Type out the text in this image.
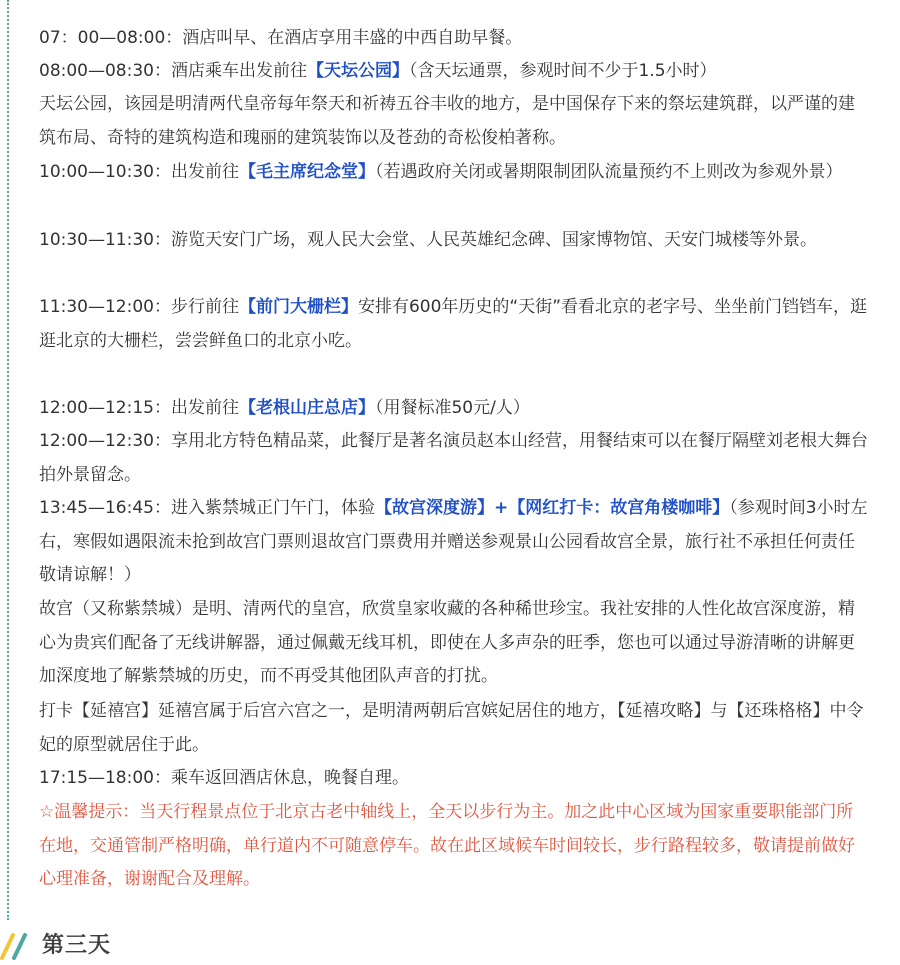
07：00—08:00：酒店叫早、在酒店享用丰盛的中西自助早餐。
08:00—08:30：酒店乘车出发前往【天坛公园】（含天坛通票，参观时间不少于1.5小时）
天坛公园，该园是明清两代皇帝每年祭天和祈祷五谷丰收的地方，是中国保存下来的祭坛建筑群，以严谨的建筑布局、奇特的建筑构造和瑰丽的建筑装饰以及苍劲的奇松俊柏著称。
10:00—10:30：出发前往【毛主席纪念堂】（若遇政府关闭或暑期限制团队流量预约不上则改为参观外景）
10:30—11:30：游览天安门广场，观人民大会堂、人民英雄纪念碑、国家博物馆、天安门城楼等外景。
11:30—12:00：步行前往【前门大栅栏】安排有600年历史的“天街”看看北京的老字号、坐坐前门铛铛车，逛逛北京的大栅栏，尝尝鲜鱼口的北京小吃。
12:00—12:15：出发前往【老根山庄总店】（用餐标准50元/人）
12:00—12:30：享用北方特色精品菜，此餐厅是著名演员赵本山经营，用餐结束可以在餐厅隔壁刘老根大舞台拍外景留念。
13:45—16:45：进入紫禁城正门午门，体验【故宫深度游】+【网红打卡：故宫角楼咖啡】（参观时间3小时左右，寒假如遇限流未抢到故宫门票则退故宫门票费用并赠送参观景山公园看故宫全景，旅行社不承担任何责任敬请谅解！）
故宫（又称紫禁城）是明、清两代的皇宫，欣赏皇家收藏的各种稀世珍宝。我社安排的人性化故宫深度游，精心为贵宾们配备了无线讲解器，通过佩戴无线耳机，即使在人多声杂的旺季，您也可以通过导游清晰的讲解更加深度地了解紫禁城的历史，而不再受其他团队声音的打扰。
打卡【延禧宫】延禧宫属于后宫六宫之一，是明清两朝后宫嫔妃居住的地方，【延禧攻略】与【还珠格格】中令妃的原型就居住于此。
17:15—18:00：乘车返回酒店休息，晚餐自理。
☆温馨提示：当天行程景点位于北京古老中轴线上，全天以步行为主。加之此中心区域为国家重要职能部门所在地，交通管制严格明确，单行道内不可随意停车。故在此区域候车时间较长，步行路程较多，敬请提前做好心理准备，谢谢配合及理解。
第三天
